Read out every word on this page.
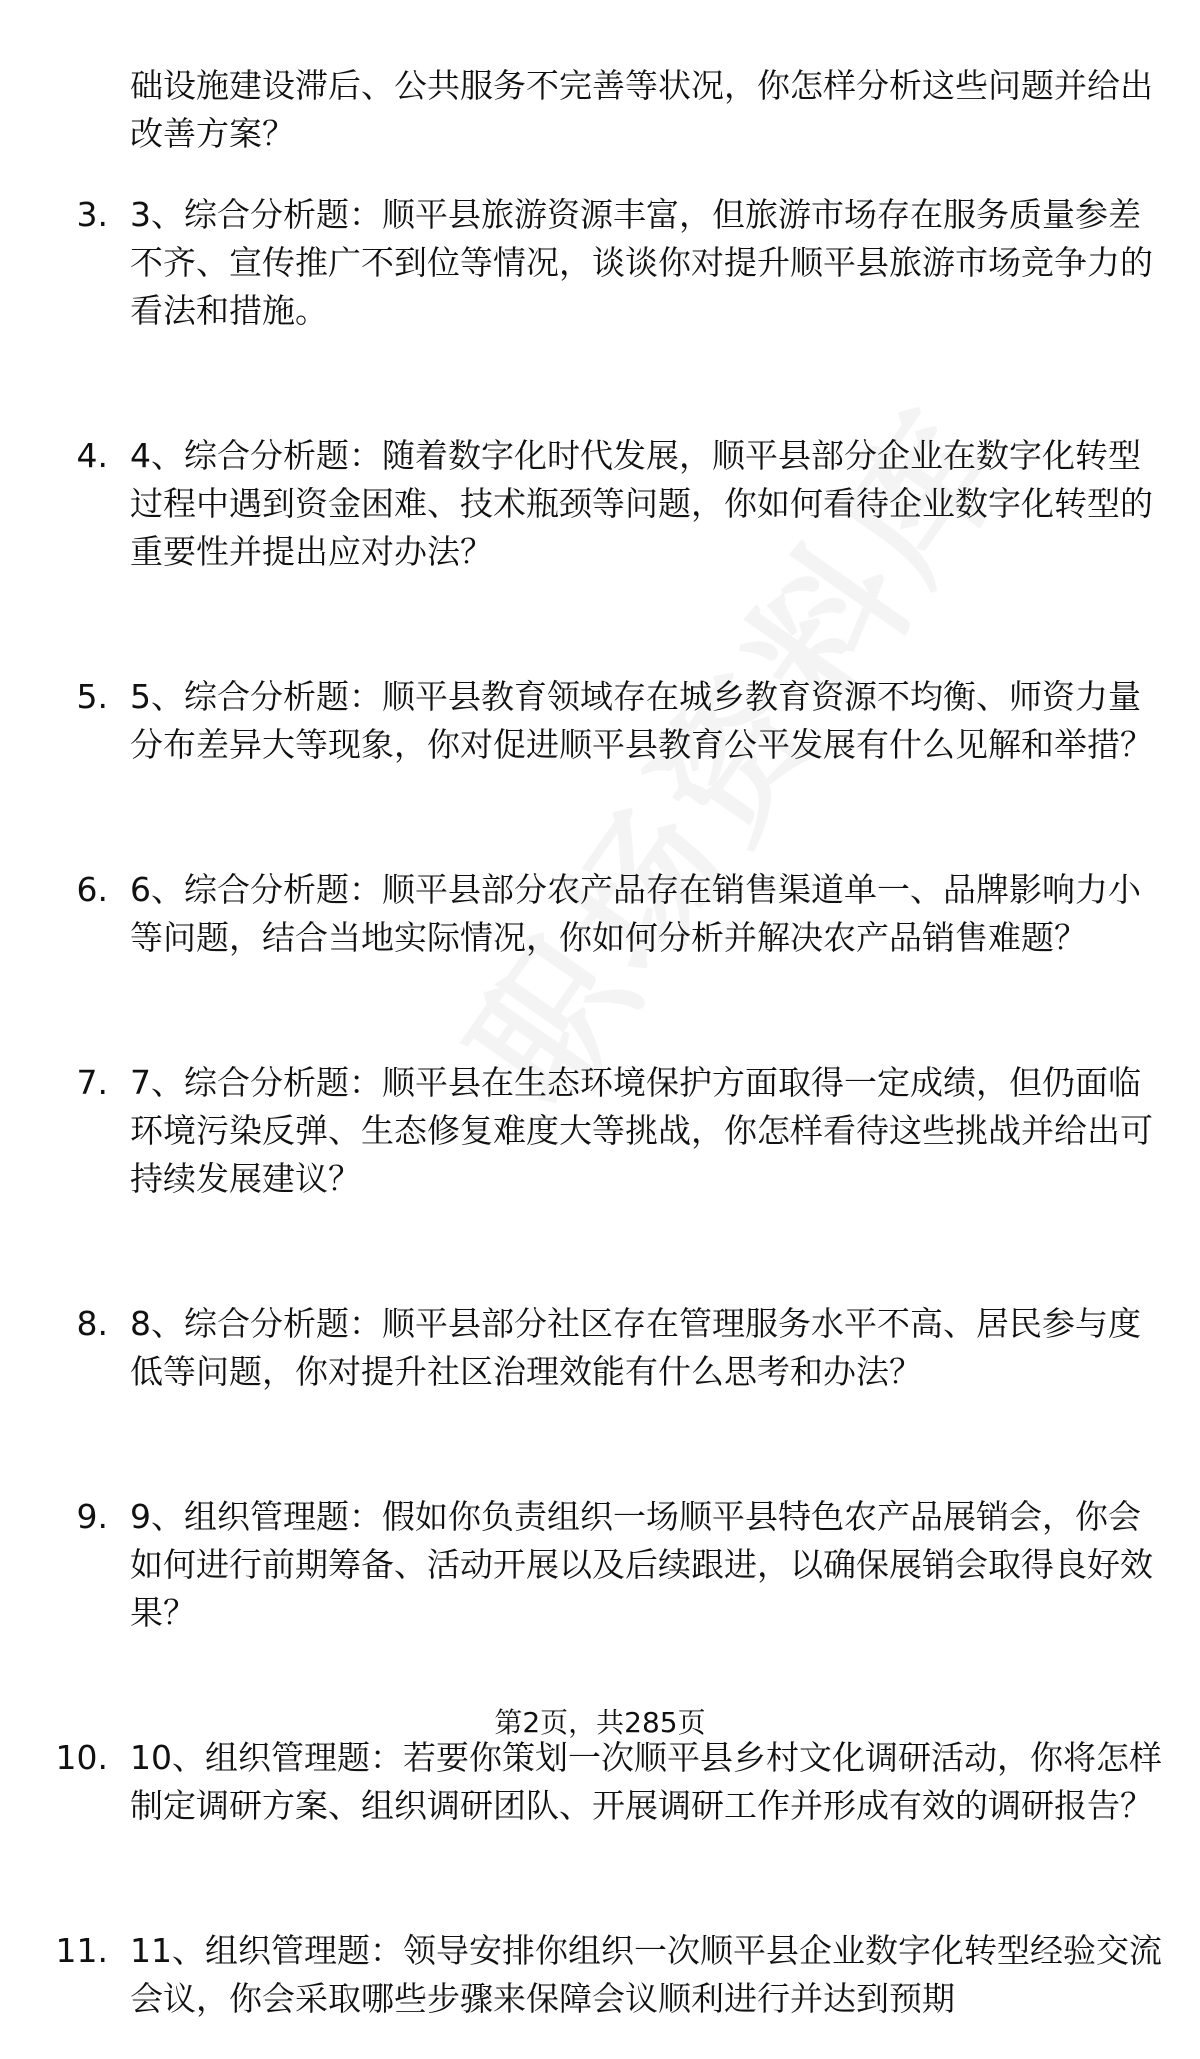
础设施建设滞后、公共服务不完善等状况，你怎样分析这些问题并给出改善方案？
3. 3、综合分析题：顺平县旅游资源丰富，但旅游市场存在服务质量参差不齐、宣传推广不到位等情况，谈谈你对提升顺平县旅游市场竞争力的看法和措施。
4. 4、综合分析题：随着数字化时代发展，顺平县部分企业在数字化转型过程中遇到资金困难、技术瓶颈等问题，你如何看待企业数字化转型的重要性并提出应对办法？
5. 5、综合分析题：顺平县教育领域存在城乡教育资源不均衡、师资力量分布差异大等现象，你对促进顺平县教育公平发展有什么见解和举措？
6. 6、综合分析题：顺平县部分农产品存在销售渠道单一、品牌影响力小等问题，结合当地实际情况，你如何分析并解决农产品销售难题？
7. 7、综合分析题：顺平县在生态环境保护方面取得一定成绩，但仍面临环境污染反弹、生态修复难度大等挑战，你怎样看待这些挑战并给出可持续发展建议？
8. 8、综合分析题：顺平县部分社区存在管理服务水平不高、居民参与度低等问题，你对提升社区治理效能有什么思考和办法？
9. 9、组织管理题：假如你负责组织一场顺平县特色农产品展销会，你会如何进行前期筹备、活动开展以及后续跟进，以确保展销会取得良好效果？
10. 10、组织管理题：若要你策划一次顺平县乡村文化调研活动，你将怎样制定调研方案、组织调研团队、开展调研工作并形成有效的调研报告？
11. 11、组织管理题：领导安排你组织一次顺平县企业数字化转型经验交流会议，你会采取哪些步骤来保障会议顺利进行并达到预期
第2页，共285页
